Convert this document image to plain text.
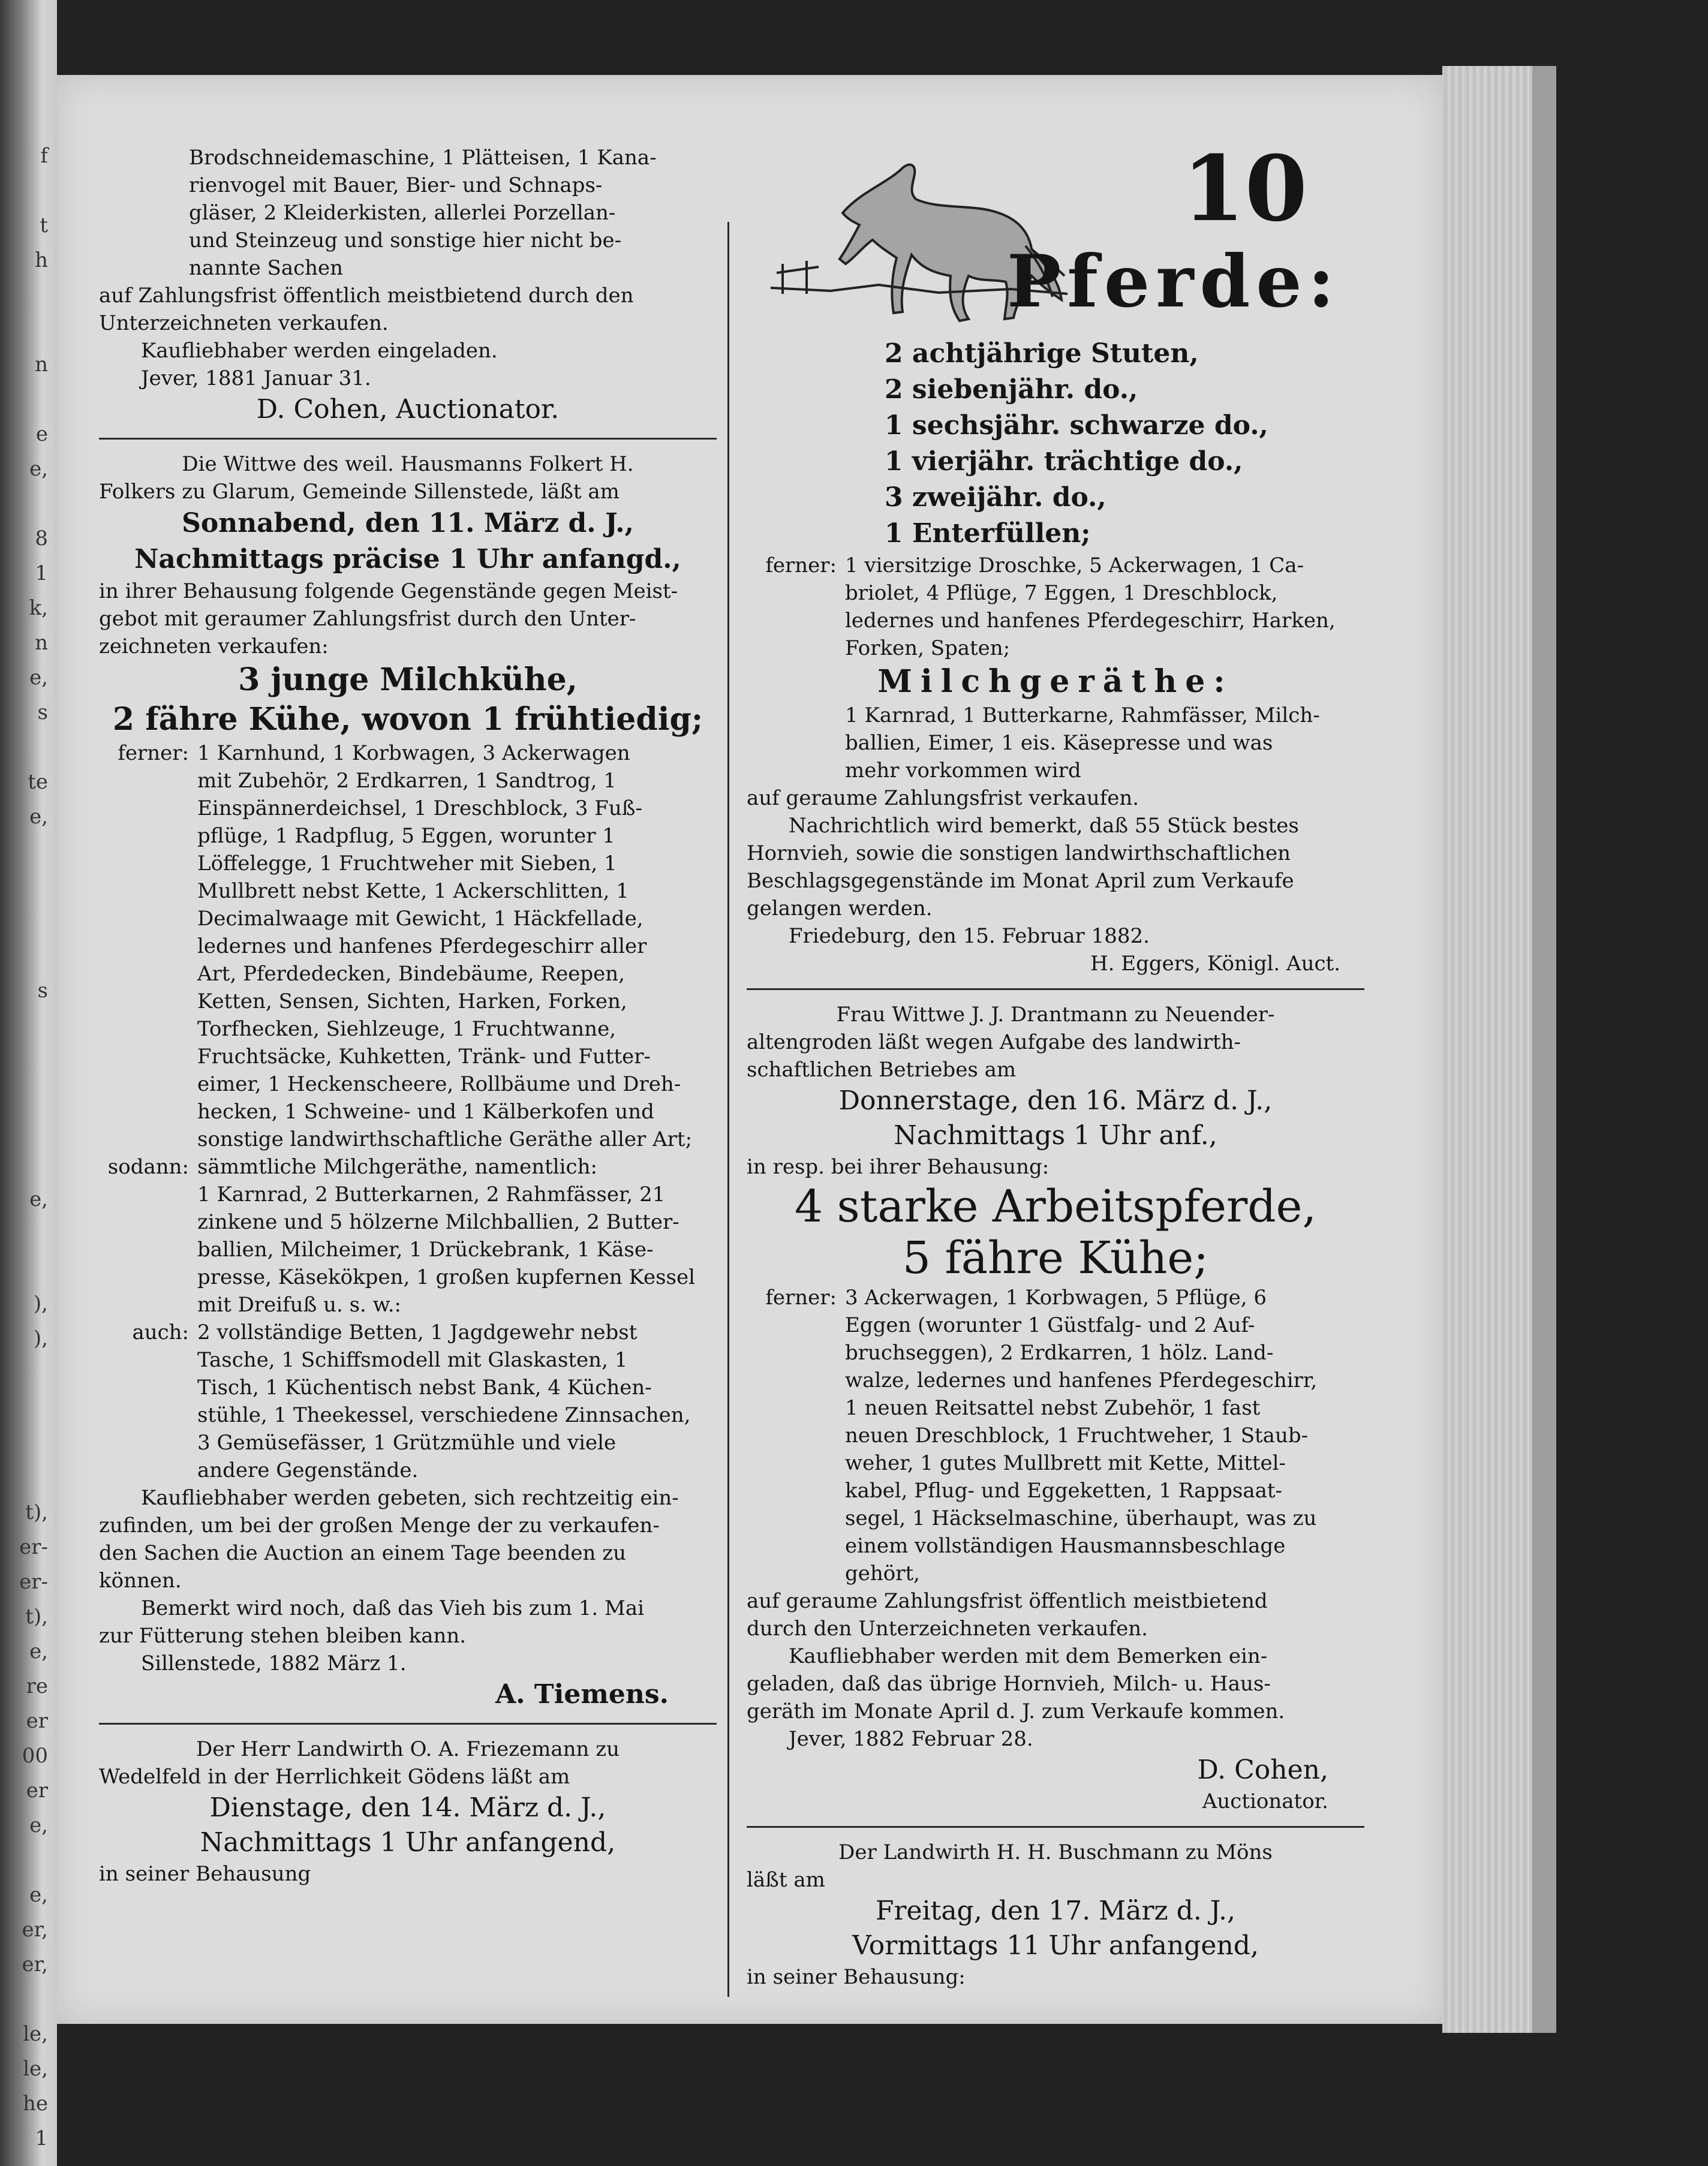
f
t
h
n
e
e,
8
1
k,
n
e,
s
te
e,
s
e,
),
),
t),
er-
er-
t),
e,
re
er
00
er
e,
e,
er,
er,
le,
le,
he
1
Brodschneidemaschine, 1 Plätteisen, 1 Kana-
rienvogel mit Bauer, Bier- und Schnaps-
gläser, 2 Kleiderkisten, allerlei Porzellan-
und Steinzeug und sonstige hier nicht be-
nannte Sachen
auf Zahlungsfrist öffentlich meistbietend durch den
Unterzeichneten verkaufen.
Kaufliebhaber werden eingeladen.
Jever, 1881 Januar 31.
D. Cohen, Auctionator.
Die Wittwe des weil. Hausmanns Folkert H.
Folkers zu Glarum, Gemeinde Sillenstede, läßt am
Sonnabend, den 11. März d. J.,
Nachmittags präcise 1 Uhr anfangd.,
in ihrer Behausung folgende Gegenstände gegen Meist-
gebot mit geraumer Zahlungsfrist durch den Unter-
zeichneten verkaufen:
3 junge Milchkühe,
2 fähre Kühe, wovon 1 frühtiedig;
ferner: 1 Karnhund, 1 Korbwagen, 3 Ackerwagen
mit Zubehör, 2 Erdkarren, 1 Sandtrog, 1
Einspännerdeichsel, 1 Dreschblock, 3 Fuß-
pflüge, 1 Radpflug, 5 Eggen, worunter 1
Löffelegge, 1 Fruchtweher mit Sieben, 1
Mullbrett nebst Kette, 1 Ackerschlitten, 1
Decimalwaage mit Gewicht, 1 Häckfellade,
ledernes und hanfenes Pferdegeschirr aller
Art, Pferdedecken, Bindebäume, Reepen,
Ketten, Sensen, Sichten, Harken, Forken,
Torfhecken, Siehlzeuge, 1 Fruchtwanne,
Fruchtsäcke, Kuhketten, Tränk- und Futter-
eimer, 1 Heckenscheere, Rollbäume und Dreh-
hecken, 1 Schweine- und 1 Kälberkofen und
sonstige landwirthschaftliche Geräthe aller Art;
sodann: sämmtliche Milchgeräthe, namentlich:
1 Karnrad, 2 Butterkarnen, 2 Rahmfässer, 21
zinkene und 5 hölzerne Milchballien, 2 Butter-
ballien, Milcheimer, 1 Drückebrank, 1 Käse-
presse, Käsekökpen, 1 großen kupfernen Kessel
mit Dreifuß u. s. w.:
auch: 2 vollständige Betten, 1 Jagdgewehr nebst
Tasche, 1 Schiffsmodell mit Glaskasten, 1
Tisch, 1 Küchentisch nebst Bank, 4 Küchen-
stühle, 1 Theekessel, verschiedene Zinnsachen,
3 Gemüsefässer, 1 Grützmühle und viele
andere Gegenstände.
Kaufliebhaber werden gebeten, sich rechtzeitig ein-
zufinden, um bei der großen Menge der zu verkaufen-
den Sachen die Auction an einem Tage beenden zu
können.
Bemerkt wird noch, daß das Vieh bis zum 1. Mai
zur Fütterung stehen bleiben kann.
Sillenstede, 1882 März 1.
A. Tiemens.
Der Herr Landwirth O. A. Friezemann zu
Wedelfeld in der Herrlichkeit Gödens läßt am
Dienstage, den 14. März d. J.,
Nachmittags 1 Uhr anfangend,
in seiner Behausung
10
Pferde:
2 achtjährige Stuten,
2 siebenjähr. do.,
1 sechsjähr. schwarze do.,
1 vierjähr. trächtige do.,
3 zweijähr. do.,
1 Enterfüllen;
ferner: 1 viersitzige Droschke, 5 Ackerwagen, 1 Ca-
briolet, 4 Pflüge, 7 Eggen, 1 Dreschblock,
ledernes und hanfenes Pferdegeschirr, Harken,
Forken, Spaten;
Milchgeräthe:
1 Karnrad, 1 Butterkarne, Rahmfässer, Milch-
ballien, Eimer, 1 eis. Käsepresse und was
mehr vorkommen wird
auf geraume Zahlungsfrist verkaufen.
Nachrichtlich wird bemerkt, daß 55 Stück bestes
Hornvieh, sowie die sonstigen landwirthschaftlichen
Beschlagsgegenstände im Monat April zum Verkaufe
gelangen werden.
Friedeburg, den 15. Februar 1882.
H. Eggers, Königl. Auct.
Frau Wittwe J. J. Drantmann zu Neuender-
altengroden läßt wegen Aufgabe des landwirth-
schaftlichen Betriebes am
Donnerstage, den 16. März d. J.,
Nachmittags 1 Uhr anf.,
in resp. bei ihrer Behausung:
4 starke Arbeitspferde,
5 fähre Kühe;
ferner: 3 Ackerwagen, 1 Korbwagen, 5 Pflüge, 6
Eggen (worunter 1 Güstfalg- und 2 Auf-
bruchseggen), 2 Erdkarren, 1 hölz. Land-
walze, ledernes und hanfenes Pferdegeschirr,
1 neuen Reitsattel nebst Zubehör, 1 fast
neuen Dreschblock, 1 Fruchtweher, 1 Staub-
weher, 1 gutes Mullbrett mit Kette, Mittel-
kabel, Pflug- und Eggeketten, 1 Rappsaat-
segel, 1 Häckselmaschine, überhaupt, was zu
einem vollständigen Hausmannsbeschlage
gehört,
auf geraume Zahlungsfrist öffentlich meistbietend
durch den Unterzeichneten verkaufen.
Kaufliebhaber werden mit dem Bemerken ein-
geladen, daß das übrige Hornvieh, Milch- u. Haus-
geräth im Monate April d. J. zum Verkaufe kommen.
Jever, 1882 Februar 28.
D. Cohen,
Auctionator.
Der Landwirth H. H. Buschmann zu Möns
läßt am
Freitag, den 17. März d. J.,
Vormittags 11 Uhr anfangend,
in seiner Behausung:
